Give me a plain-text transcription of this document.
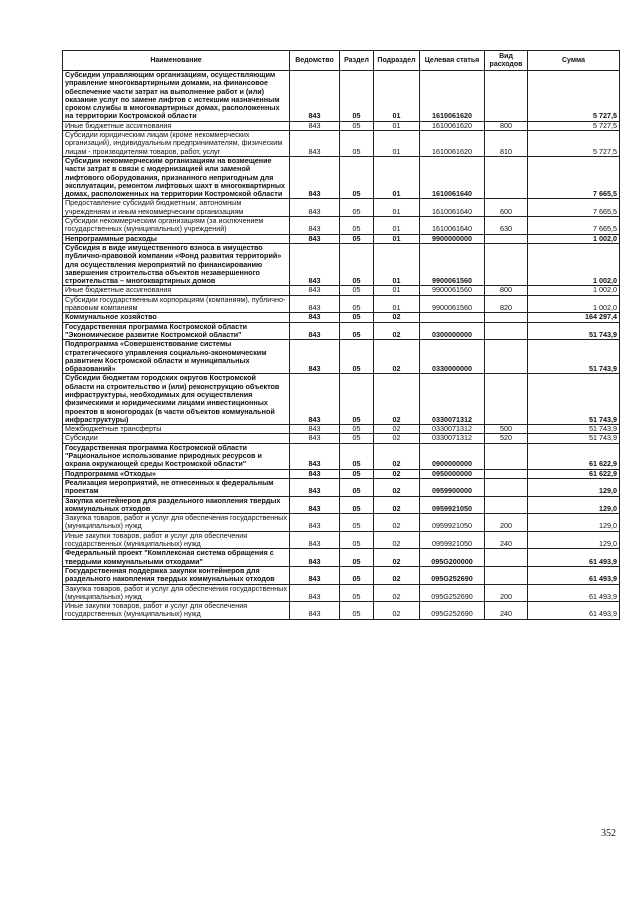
Наименование	Ведомство	Раздел	Подраздел	Целевая статья	Вид расходов	Сумма
Субсидии управляющим организациям, осуществляющим управление многоквартирными домами, на финансовое обеспечение части затрат на выполнение работ и (или) оказание услуг по замене лифтов с истекшим назначенным сроком службы в многоквартирных домах, расположенных на территории Костромской области	843	05	01	1610061620		5 727,5
Иные бюджетные ассигнования	843	05	01	1610061620	800	5 727,5
Субсидии юридическим лицам (кроме некоммерческих организаций), индивидуальным предпринимателям, физическим лицам - производителям товаров, работ, услуг	843	05	01	1610061620	810	5 727,5
Субсидии некоммерческим организациям на возмещение части затрат в связи с модернизацией или заменой лифтового оборудования, признанного непригодным для эксплуатации, ремонтом лифтовых шахт в многоквартирных домах, расположенных на территории Костромской области	843	05	01	1610061640		7 665,5
Предоставление субсидий бюджетным, автономным учреждениям и иным некоммерческим организациям	843	05	01	1610061640	600	7 665,5
Субсидии некоммерческим организациям (за исключением государственных (муниципальных) учреждений)	843	05	01	1610061640	630	7 665,5
Непрограммные расходы	843	05	01	9900000000		1 002,0
Субсидия в виде имущественного взноса в имущество публично-правовой компании «Фонд развития территорий» для осуществления мероприятий по финансированию завершения строительства объектов незавершенного строительства – многоквартирных домов	843	05	01	9900061560		1 002,0
Иные бюджетные ассигнования	843	05	01	9900061560	800	1 002,0
Субсидии государственным корпорациям (компаниям), публично-правовым компаниям	843	05	01	9900061560	820	1 002,0
Коммунальное хозяйство	843	05	02			164 297,4
Государственная программа Костромской области "Экономическое развитие Костромской области"	843	05	02	0300000000		51 743,9
Подпрограмма «Совершенствование системы стратегического управления социально-экономическим развитием Костромской области и муниципальных образований»	843	05	02	0330000000		51 743,9
Субсидии бюджетам городских округов Костромской области на строительство и (или) реконструкцию объектов инфраструктуры, необходимых для осуществления физическими и юридическими лицами инвестиционных проектов в моногородах (в части объектов коммунальной инфраструктуры)	843	05	02	0330071312		51 743,9
Межбюджетные трансферты	843	05	02	0330071312	500	51 743,9
Субсидии	843	05	02	0330071312	520	51 743,9
Государственная программа Костромской области "Рациональное использование природных ресурсов и охрана окружающей среды Костромской области"	843	05	02	0900000000		61 622,9
Подпрограмма «Отходы»	843	05	02	0950000000		61 622,9
Реализация мероприятий, не отнесенных к федеральным проектам	843	05	02	0959900000		129,0
Закупка контейнеров для раздельного накопления твердых коммунальных отходов	843	05	02	0959921050		129,0
Закупка товаров, работ и услуг для обеспечения государственных (муниципальных) нужд	843	05	02	0959921050	200	129,0
Иные закупки товаров, работ и услуг для обеспечения государственных (муниципальных) нужд	843	05	02	0959921050	240	129,0
Федеральный проект "Комплексная система обращения с твердыми коммунальными отходами"	843	05	02	095G200000		61 493,9
Государственная поддержка закупки контейнеров для раздельного накопления твердых коммунальных отходов	843	05	02	095G252690		61 493,9
Закупка товаров, работ и услуг для обеспечения государственных (муниципальных) нужд	843	05	02	095G252690	200	61 493,9
Иные закупки товаров, работ и услуг для обеспечения государственных (муниципальных) нужд	843	05	02	095G252690	240	61 493,9
352
